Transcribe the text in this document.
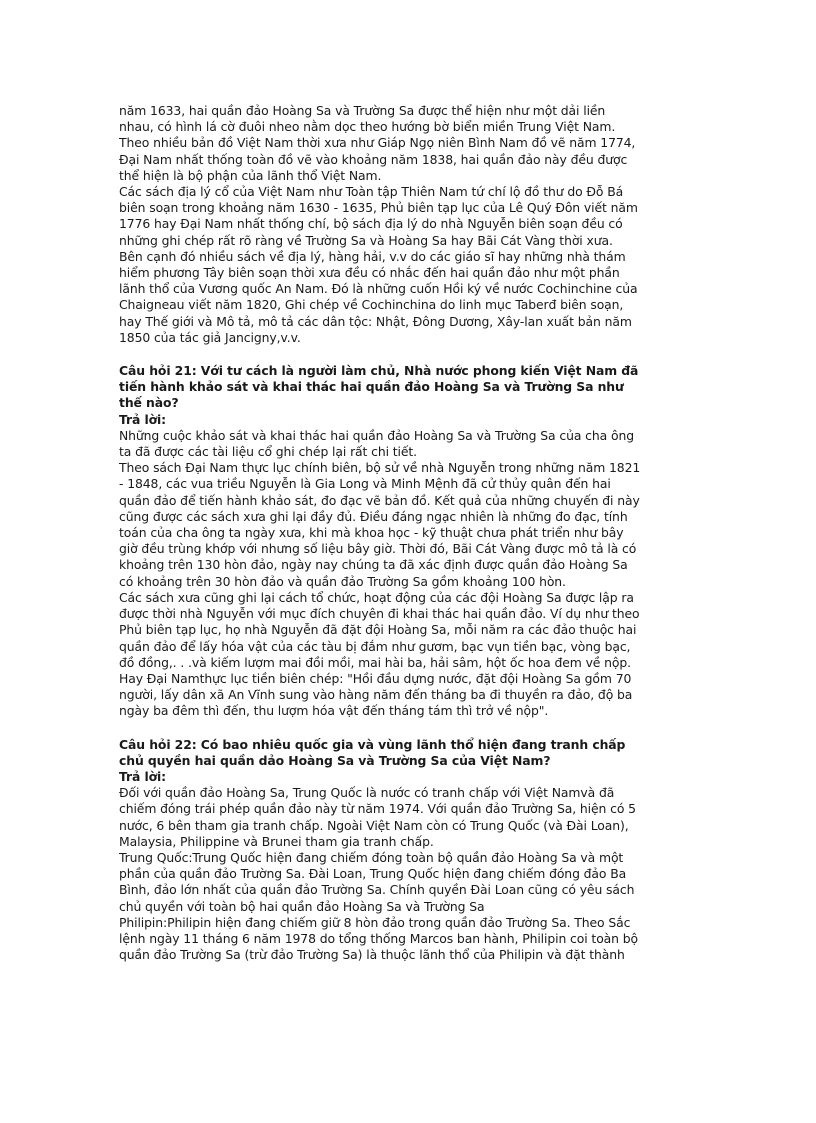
năm 1633, hai quần đảo Hoàng Sa và Trường Sa được thể hiện như một dải liền
nhau, có hình lá cờ đuôi nheo nằm dọc theo hướng bờ biển miền Trung Việt Nam.
Theo nhiều bản đồ Việt Nam thời xưa như Giáp Ngọ niên Bình Nam đồ vẽ năm 1774,
Đại Nam nhất thống toàn đồ vẽ vào khoảng năm 1838, hai quần đảo này đều được
thể hiện là bộ phận của lãnh thổ Việt Nam.

Các sách địa lý cổ của Việt Nam như Toàn tập Thiên Nam tứ chí lộ đồ thư do Đỗ Bá
biên soạn trong khoảng năm 1630 - 1635, Phủ biên tạp lục của Lê Quý Đôn viết năm
1776 hay Đại Nam nhất thống chí, bộ sách địa lý do nhà Nguyễn biên soạn đều có
những ghi chép rất rõ ràng về Trường Sa và Hoàng Sa hay Bãi Cát Vàng thời xưa.

Bên cạnh đó nhiều sách về địa lý, hàng hải, v.v do các giáo sĩ hay những nhà thám
hiểm phương Tây biên soạn thời xưa đều có nhắc đến hai quần đảo như một phần
lãnh thổ của Vương quốc An Nam. Đó là những cuốn Hồi ký về nước Cochinchine của
Chaigneau viết năm 1820, Ghi chép về Cochinchina do linh mục Taberđ biên soạn,
hay Thế giới và Mô tả, mô tả các dân tộc: Nhật, Đông Dương, Xây-lan xuất bản năm
1850 của tác giả Jancigny,v.v.

Câu hỏi 21: Với tư cách là người làm chủ, Nhà nước phong kiến Việt Nam đã
tiến hành khảo sát và khai thác hai quần đảo Hoàng Sa và Trường Sa như
thế nào?

Trả lời:

Những cuộc khảo sát và khai thác hai quần đảo Hoàng Sa và Trường Sa của cha ông
ta đã được các tài liệu cổ ghi chép lại rất chi tiết.

Theo sách Đại Nam thực lục chính biên, bộ sử về nhà Nguyễn trong những năm 1821
- 1848, các vua triều Nguyễn là Gia Long và Minh Mệnh đã cử thủy quân đến hai
quần đảo để tiến hành khảo sát, đo đạc vẽ bản đồ. Kết quả của những chuyến đi này
cũng được các sách xưa ghi lại đầy đủ. Điều đáng ngạc nhiên là những đo đạc, tính
toán của cha ông ta ngày xưa, khi mà khoa học - kỹ thuật chưa phát triển như bây
giờ đều trùng khớp với nhưng số liệu bây giờ. Thời đó, Bãi Cát Vàng được mô tả là có
khoảng trên 130 hòn đảo, ngày nay chúng ta đã xác định được quần đảo Hoàng Sa
có khoảng trên 30 hòn đảo và quần đảo Trường Sa gồm khoảng 100 hòn.

Các sách xưa cũng ghi lại cách tổ chức, hoạt động của các đội Hoàng Sa được lập ra
được thời nhà Nguyễn với mục đích chuyên đi khai thác hai quần đảo. Ví dụ như theo
Phủ biên tạp lục, họ nhà Nguyễn đã đặt đội Hoàng Sa, mỗi năm ra các đảo thuộc hai
quần đảo để lấy hóa vật của các tàu bị đắm như gươm, bạc vụn tiền bạc, vòng bạc,
đồ đồng,. . .và kiếm lượm mai đồi mồi, mai hài ba, hải sâm, hột ốc hoa đem về nộp.
Hay Đại Namthực lục tiền biên chép: "Hồi đầu dựng nước, đặt đội Hoàng Sa gồm 70
người, lấy dân xã An Vĩnh sung vào hàng năm đến tháng ba đi thuyền ra đảo, độ ba
ngày ba đêm thì đến, thu lượm hóa vật đến tháng tám thì trở về nộp".

Câu hỏi 22: Có bao nhiêu quốc gia và vùng lãnh thổ hiện đang tranh chấp
chủ quyền hai quần dảo Hoàng Sa và Trường Sa của Việt Nam?

Trả lời:

Đối với quần đảo Hoàng Sa, Trung Quốc là nước có tranh chấp với Việt Namvà đã
chiếm đóng trái phép quần đảo này từ năm 1974. Với quần đảo Trường Sa, hiện có 5
nước, 6 bên tham gia tranh chấp. Ngoài Việt Nam còn có Trung Quốc (và Đài Loan),
Malaysia, Philippine và Brunei tham gia tranh chấp.

Trung Quốc:Trung Quốc hiện đang chiếm đóng toàn bộ quần đảo Hoàng Sa và một
phần của quần đảo Trường Sa. Đài Loan, Trung Quốc hiện đang chiếm đóng đảo Ba
Bình, đảo lớn nhất của quần đảo Trường Sa. Chính quyền Đài Loan cũng có yêu sách
chủ quyền với toàn bộ hai quần đảo Hoàng Sa và Trường Sa

Philipin:Philipin hiện đang chiếm giữ 8 hòn đảo trong quần đảo Trường Sa. Theo Sắc
lệnh ngày 11 tháng 6 năm 1978 do tổng thống Marcos ban hành, Philipin coi toàn bộ
quần đảo Trường Sa (trừ đảo Trường Sa) là thuộc lãnh thổ của Philipin và đặt thành
